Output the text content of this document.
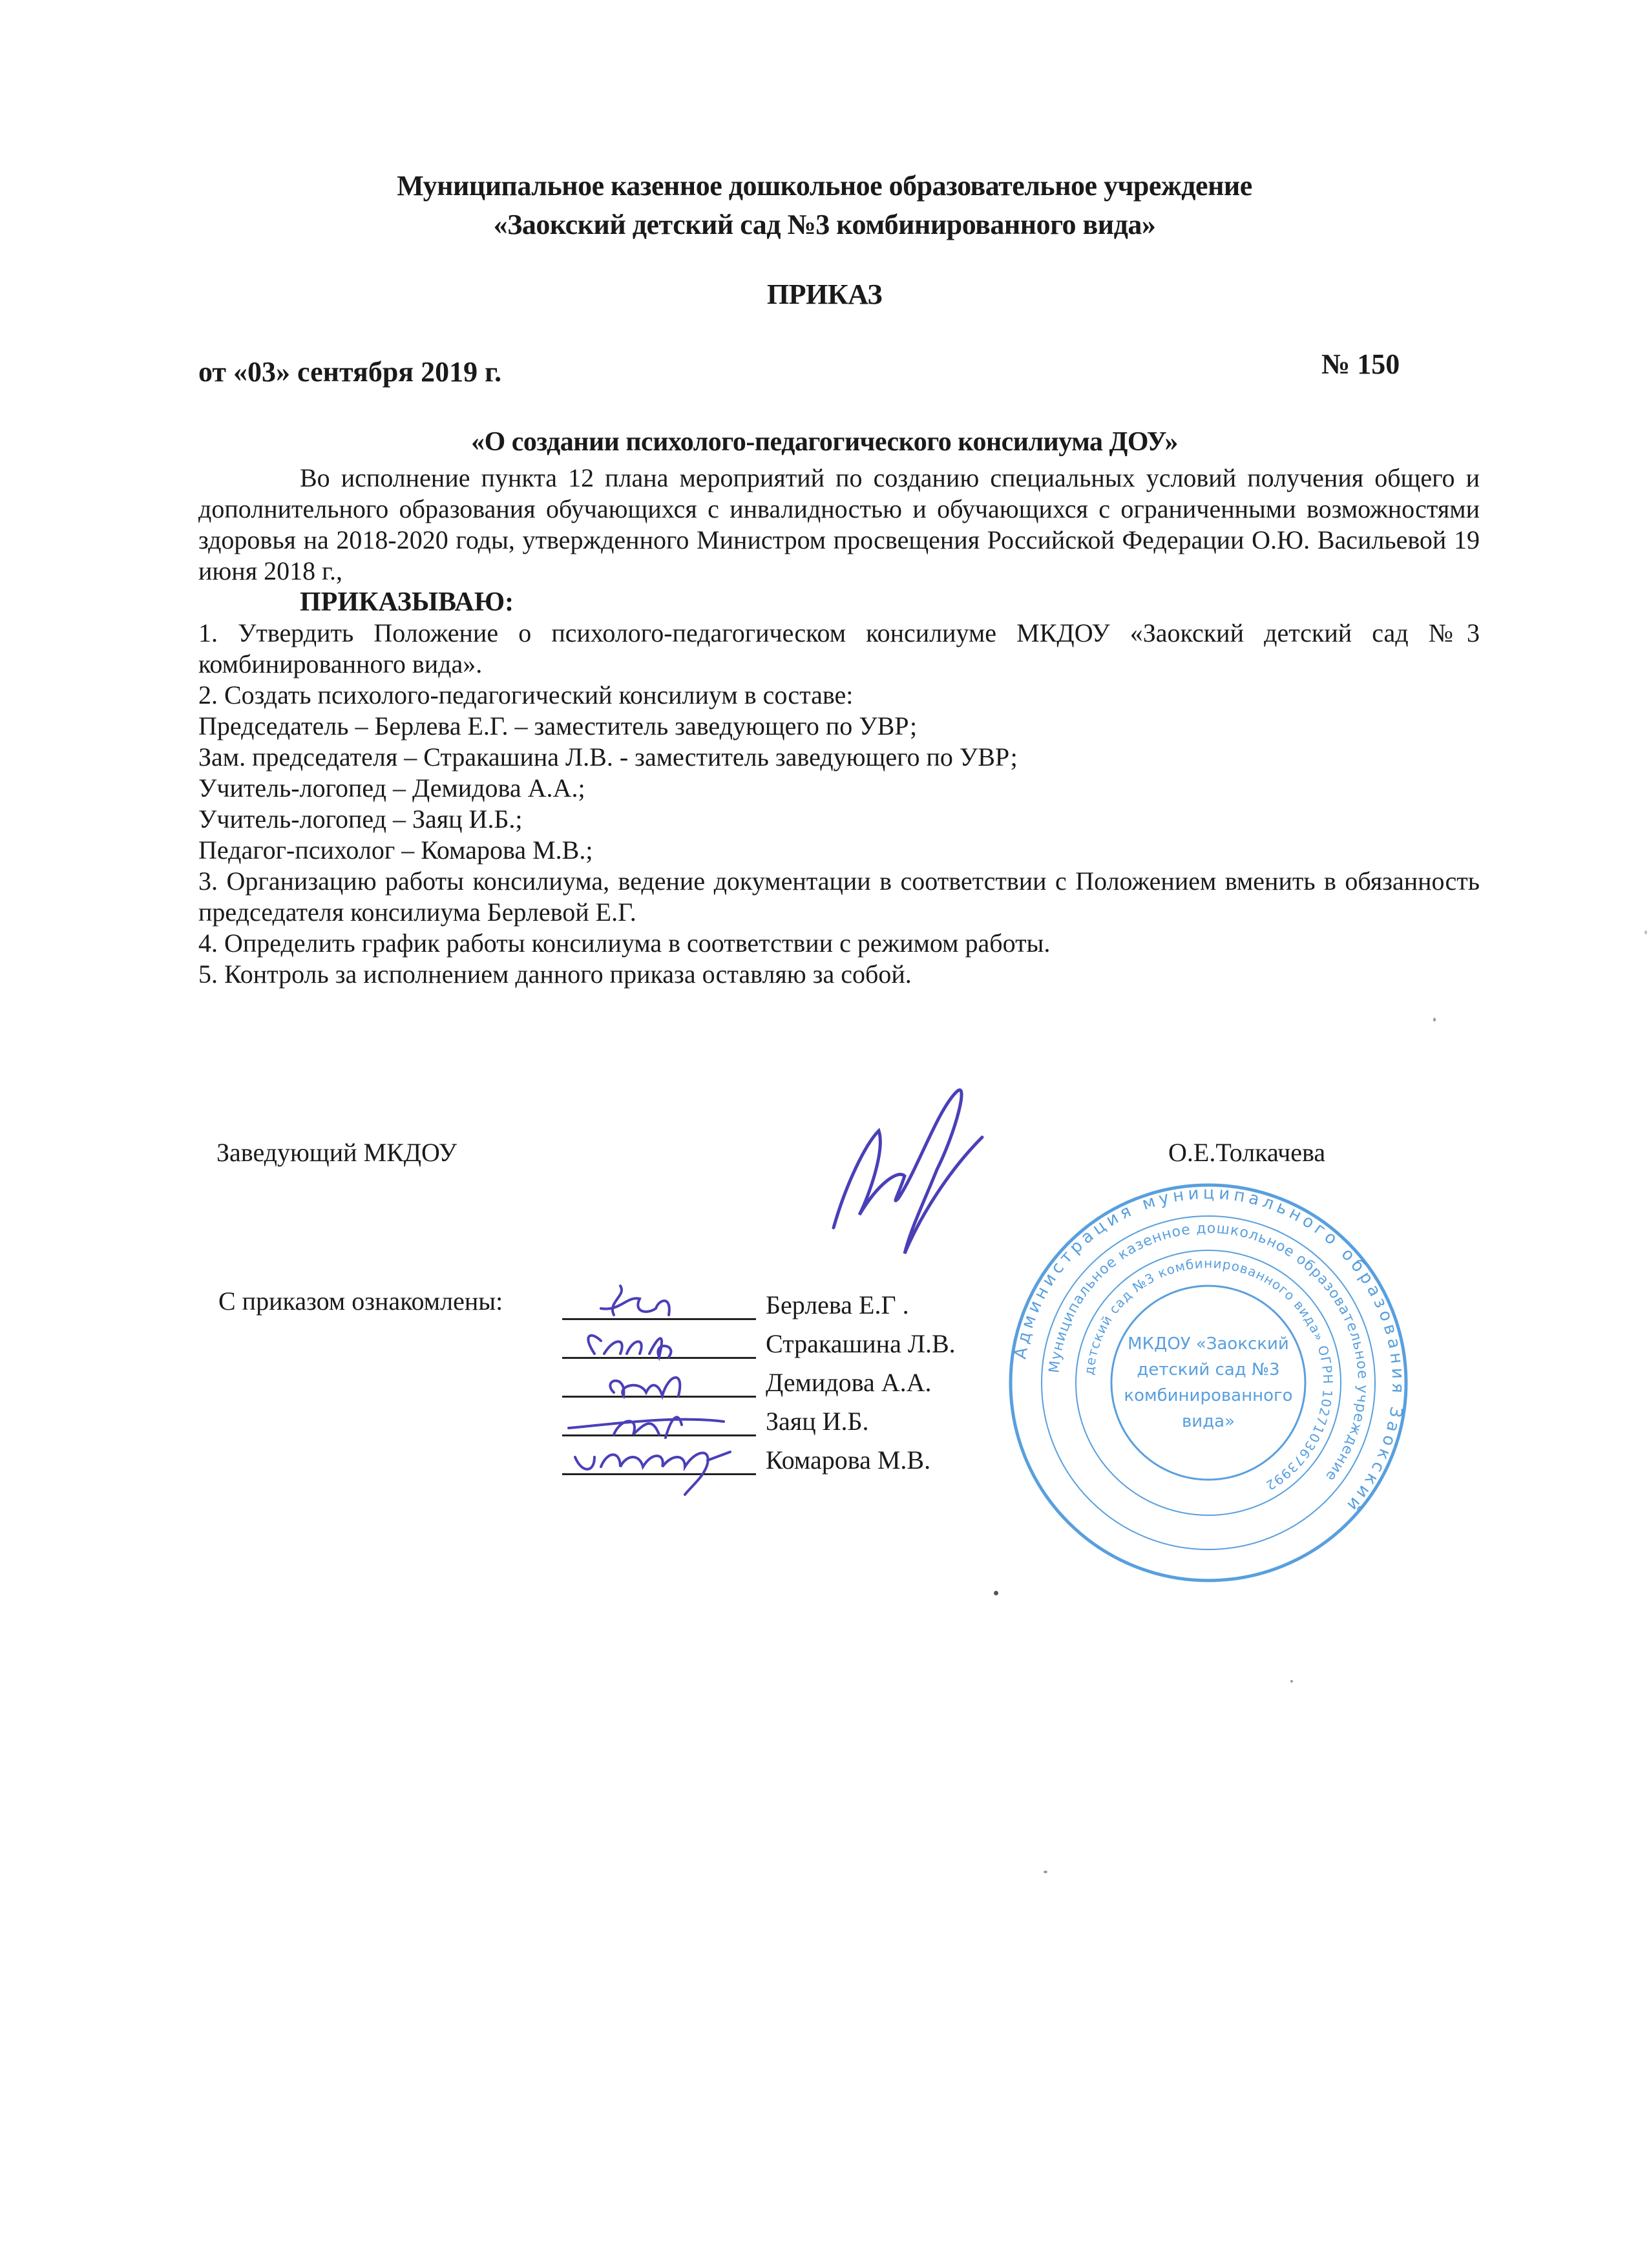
Муниципальное казенное дошкольное образовательное учреждение
«Заокский детский сад №3 комбинированного вида»
ПРИКАЗ
от «03» сентября 2019 г.	№ 150
«О создании психолого-педагогического консилиума ДОУ»

Во исполнение пункта 12 плана мероприятий по созданию специальных условий получения общего и дополнительного образования обучающихся с инвалидностью и обучающихся с ограниченными возможностями здоровья на 2018-2020 годы, утвержденного Министром просвещения Российской Федерации О.Ю. Васильевой 19 июня 2018 г.,

ПРИКАЗЫВАЮ:

1. Утвердить Положение о психолого-педагогическом консилиуме МКДОУ «Заокский детский сад №3 комбинированного вида».

2. Создать психолого-педагогический консилиум в составе:

Председатель – Берлева Е.Г. – заместитель заведующего по УВР;

Зам. председателя – Стракашина Л.В. - заместитель заведующего по УВР;

Учитель-логопед – Демидова А.А.;

Учитель-логопед – Заяц И.Б.;

Педагог-психолог – Комарова М.В.;

3. Организацию работы консилиума, ведение документации в соответствии с Положением вменить в обязанность председателя консилиума Берлевой Е.Г.

4. Определить график работы консилиума в соответствии с режимом работы.

5. Контроль за исполнением данного приказа оставляю за собой.

Заведующий МКДОУ	О.Е.Толкачева
С приказом ознакомлены:	Берлева Е.Г .
Стракашина Л.В.
Демидова А.А.
Заяц И.Б.
Комарова М.В.
Администрация муниципального образования Заокский
Муниципальное казенное дошкольное образовательное учреждение
детский сад №3 комбинированного вида» ОГРН 1027103673992
МКДОУ «Заокский
детский сад №3
комбинированного
вида»
